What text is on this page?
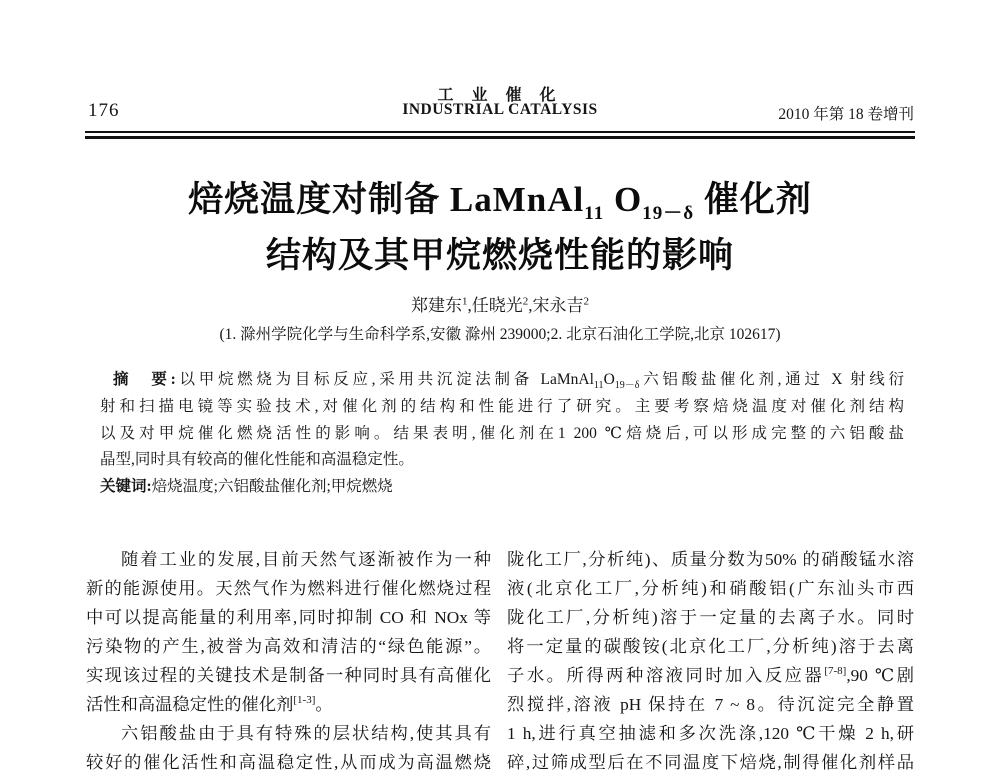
176
工 业 催 化
INDUSTRIAL CATALYSIS	2010 年第 18 卷增刊
焙烧温度对制备 LaMnAl$_{11}$ $O_{19-\delta}$ 催化剂
结构及其甲烷燃烧性能的影响
郑建东$^1$,任晓光$^2$,宋永吉$^2$
(1. 滁州学院化学与生命科学系,安徽 滁州 239000;2. 北京石油化工学院,北京 102617)
摘　要:以甲烷燃烧为目标反应,采用共沉淀法制备 $LaMnAl_{11}O_{19-\delta}$六铝酸盐催化剂,通过 X 射线衍
射和扫描电镜等实验技术,对催化剂的结构和性能进行了研究。主要考察焙烧温度对催化剂结构
以及对甲烷催化燃烧活性的影响。结果表明,催化剂在1 200 ℃焙烧后,可以形成完整的六铝酸盐
晶型,同时具有较高的催化性能和高温稳定性。
关键词:焙烧温度;六铝酸盐催化剂;甲烷燃烧
随着工业的发展,目前天然气逐渐被作为一种
新的能源使用。天然气作为燃料进行催化燃烧过程
中可以提高能量的利用率,同时抑制 CO 和 NOx 等
污染物的产生,被誉为高效和清洁的“绿色能源”。
实现该过程的关键技术是制备一种同时具有高催化
活性和高温稳定性的催化剂[1-3]。
六铝酸盐由于具有特殊的层状结构,使其具有
较好的催化活性和高温稳定性,从而成为高温燃烧
陇化工厂,分析纯)、质量分数为50% 的硝酸锰水溶
液(北京化工厂,分析纯)和硝酸铝(广东汕头市西
陇化工厂,分析纯)溶于一定量的去离子水。同时
将一定量的碳酸铵(北京化工厂,分析纯)溶于去离
子水。所得两种溶液同时加入反应器[7-8],90 ℃剧
烈搅拌,溶液 pH 保持在 7 ~ 8。待沉淀完全静置
1 h,进行真空抽滤和多次洗涤,120 ℃干燥 2 h,研
碎,过筛成型后在不同温度下焙烧,制得催化剂样品
